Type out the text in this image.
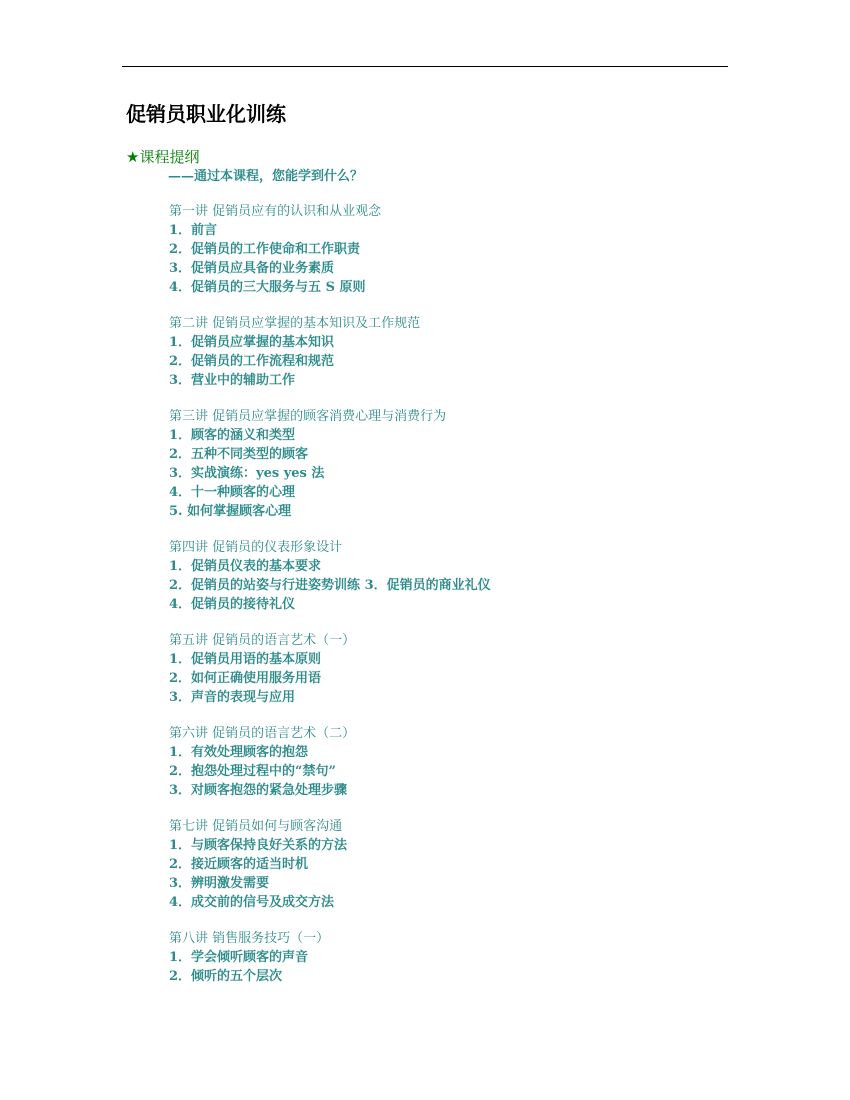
促销员职业化训练
★课程提纲
——通过本课程，您能学到什么？
第一讲 促销员应有的认识和从业观念
1．前言
2．促销员的工作使命和工作职责
3．促销员应具备的业务素质
4．促销员的三大服务与五 S 原则
第二讲 促销员应掌握的基本知识及工作规范
1．促销员应掌握的基本知识
2．促销员的工作流程和规范
3．营业中的辅助工作
第三讲 促销员应掌握的顾客消费心理与消费行为
1．顾客的涵义和类型
2．五种不同类型的顾客
3．实战演练：yes yes 法
4．十一种顾客的心理
5. 如何掌握顾客心理
第四讲 促销员的仪表形象设计
1．促销员仪表的基本要求
2．促销员的站姿与行进姿势训练 3．促销员的商业礼仪
4．促销员的接待礼仪
第五讲 促销员的语言艺术（一）
1．促销员用语的基本原则
2．如何正确使用服务用语
3．声音的表现与应用
第六讲 促销员的语言艺术（二）
1．有效处理顾客的抱怨
2．抱怨处理过程中的“禁句”
3．对顾客抱怨的紧急处理步骤
第七讲 促销员如何与顾客沟通
1．与顾客保持良好关系的方法
2．接近顾客的适当时机
3．辨明激发需要
4．成交前的信号及成交方法
第八讲 销售服务技巧（一）
1．学会倾听顾客的声音
2．倾听的五个层次
